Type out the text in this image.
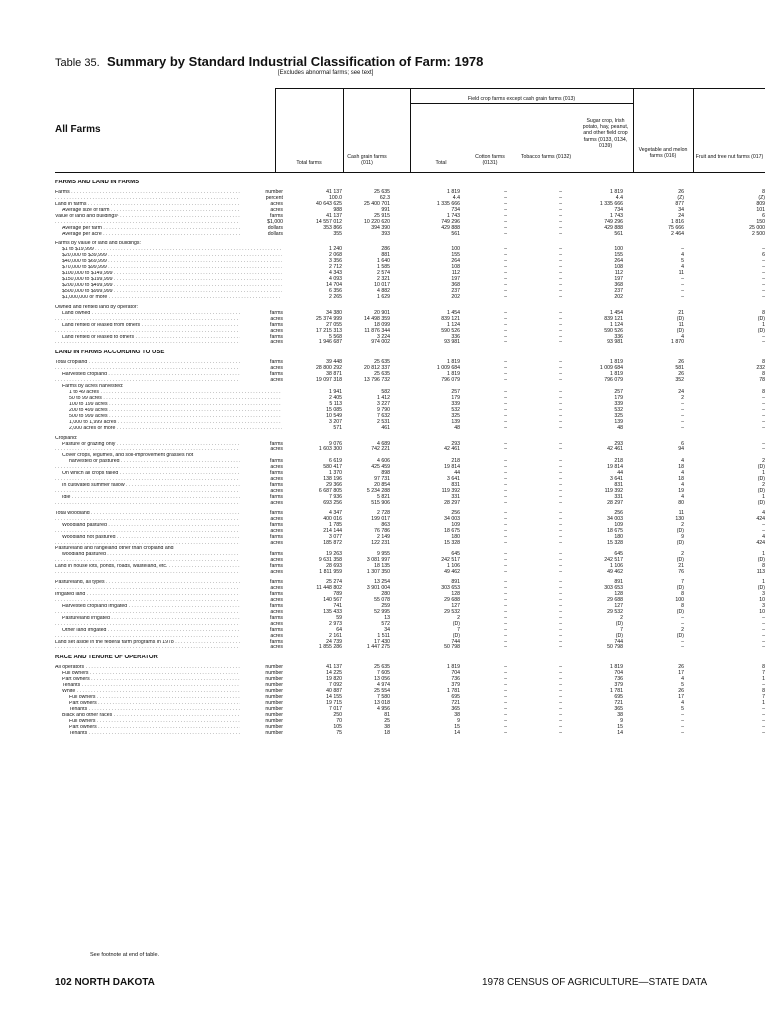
Table 35. Summary by Standard Industrial Classification of Farm: 1978
[Excludes abnormal farms; see text]
Field crop farms except cash grain farms (013)
All Farms
Total farms
Cash grain farms (011)	Total
Cotton farms (0131)
Tobacco farms (0132)
Sugar crop, Irish potato, hay, peanut, and other field crop farms (0133, 0134, 0139)
Vegetable and melon farms (016)	Fruit and tree nut farms (017)
FARMS AND LAND IN FARMS
Farms . . .	number	41 137	25 635	1 819	–	–	1 819	26	8
. . .
percent	100.0	62.3	4.4	–	–	4.4	(Z)	(Z)
Land in farms . . .	acres	40 643 625	25 400 701	1 335 666	–	–	1 335 666	877	809
Average size of farm . . .	acres	988	991	734	–	–	734	34	101
Value of land and buildings¹ . . .	farms	41 137	25 915	1 743	–	–	1 743	24	6
. . .
$1,000	14 557 012	10 220 620	749 296	–	–	749 296	1 816	150
Average per farm . . .	dollars	353 866	394 390	429 888	–	–	429 888	75 666	25 000
Average per acre . . .	dollars	355	393	561	–	–	561	2 464	2 500
Farms by value of land and buildings:
$1 to $19,999 . . .	1 240	286	100	–	–	100	–	–
$20,000 to $39,999 . . .	2 068	881	155	–	–	155	4	6
$40,000 to $69,999 . . .	3 356	1 640	264	–	–	264	5	–
$70,000 to $99,999 . . .	2 712	1 585	108	–	–	108	4	–
$100,000 to $149,999 . . .	4 343	2 574	112	–	–	112	11	–
$150,000 to $199,999 . . .	4 093	2 321	197	–	–	197	–	–
$200,000 to $499,999 . . .	14 704	10 017	368	–	–	368	–	–
$500,000 to $999,999 . . .	6 356	4 882	237	–	–	237	–	–
$1,000,000 or more . . .	2 265	1 629	202	–	–	202	–	–
Owned and rented land by operator:
Land owned . . .	farms	34 380	20 901	1 454	–	–	1 454	21	8
. . .
acres	25 374 999	14 498 359	839 121	–	–	839 121	(D)	(D)
Land rented or leased from others . . .	farms	27 055	18 099	1 124	–	–	1 124	11	1
. . .
acres	17 215 313	11 876 344	590 526	–	–	590 526	(D)	(D)
Land rented or leased to others . . .	farms	5 568	3 224	336	–	–	336	4	–
. . .
acres	1 946 687	974 002	93 981	–	–	93 981	1 870	–
LAND IN FARMS ACCORDING TO USE
Total cropland . . .	farms	39 448	25 635	1 819	–	–	1 819	26	8
. . .
acres	28 800 292	20 812 337	1 009 684	–	–	1 009 684	581	232
Harvested cropland . . .	farms	38 871	25 635	1 819	–	–	1 819	26	8
. . .
acres	19 097 318	13 796 732	796 079	–	–	796 079	352	78
Farms by acres harvested:
1 to 49 acres . . .	1 941	582	257	–	–	257	24	8
50 to 99 acres . . .	2 405	1 412	179	–	–	179	2	–
100 to 199 acres . . .	5 113	3 227	339	–	–	339	–	–
200 to 499 acres . . .	15 085	9 790	532	–	–	532	–	–
500 to 999 acres . . .	10 549	7 632	325	–	–	325	–	–
1,000 to 1,999 acres . . .	3 207	2 531	139	–	–	139	–	–
2,000 acres or more . . .	571	461	48	–	–	48	–	–
Cropland:
Pasture or grazing only . . .	farms	9 076	4 689	293	–	–	293	6	–
. . .
acres	1 603 300	742 221	42 461	–	–	42 461	94	–
Cover crops, legumes, and soil-improvement grasses not
harvested or pastured . . .	farms	6 619	4 606	218	–	–	218	4	2
. . .
acres	580 417	425 459	19 814	–	–	19 814	18	(D)
On which all crops failed . . .	farms	1 370	898	44	–	–	44	4	1
. . .
acres	138 196	97 731	3 641	–	–	3 641	18	(D)
In cultivated summer fallow . . .	farms	29 366	20 854	831	–	–	831	4	2
. . .
acres	6 687 805	5 234 288	119 392	–	–	119 392	19	(D)
Idle . . .	farms	7 936	5 821	331	–	–	331	4	1
. . .
acres	693 256	515 906	28 297	–	–	28 297	80	(D)
Total woodland . . .	farms	4 347	2 728	256	–	–	256	11	4
. . .
acres	400 016	199 017	34 003	–	–	34 003	130	424
Woodland pastured . . .	farms	1 785	863	109	–	–	109	2	–
. . .
acres	214 144	76 786	18 675	–	–	18 675	(D)	–
Woodland not pastured . . .	farms	3 077	2 149	180	–	–	180	9	4
. . .
acres	185 872	122 231	15 328	–	–	15 328	(D)	424
Pastureland and rangeland other than cropland and
woodland pastured . . .	farms	19 263	9 955	645	–	–	645	2	1
. . .
acres	9 631 358	3 081 997	242 517	–	–	242 517	(D)	(D)
Land in house lots, ponds, roads, wasteland, etc. . . .	farms	28 693	18 135	1 106	–	–	1 106	21	8
. . .
acres	1 811 959	1 307 350	49 462	–	–	49 462	76	113
Pastureland, all types . . .	farms	25 274	13 254	891	–	–	891	7	1
. . .
acres	11 448 802	3 901 004	303 653	–	–	303 653	(D)	(D)
Irrigated land . . .	farms	789	280	128	–	–	128	8	3
. . .
acres	140 567	55 078	29 688	–	–	29 688	100	10
Harvested cropland irrigated . . .	farms	741	259	127	–	–	127	8	3
. . .
acres	135 433	52 995	29 532	–	–	29 532	(D)	10
Pastureland irrigated . . .	farms	59	13	2	–	–	2	–	–
. . .
acres	2 973	572	(D)	–	–	(D)	–	–
Other land irrigated . . .	farms	64	34	7	–	–	7	2	–
. . .
acres	2 161	1 511	(D)	–	–	(D)	(D)	–
Land set aside in the federal farm programs in 1978 . . .	farms	24 739	17 430	744	–	–	744	–	–
. . .
acres	1 855 286	1 447 275	50 798	–	–	50 798	–	–
RACE AND TENURE OF OPERATOR
All operators . . .	number	41 137	25 635	1 819	–	–	1 819	26	8
Full owners . . .	number	14 225	7 605	704	–	–	704	17	7
Part owners . . .	number	19 820	13 056	736	–	–	736	4	1
Tenants . . .	number	7 092	4 974	379	–	–	379	5	–
White . . .	number	40 887	25 554	1 781	–	–	1 781	26	8
Full owners . . .	number	14 155	7 580	695	–	–	695	17	7
Part owners . . .	number	19 715	13 018	721	–	–	721	4	1
Tenants . . .	number	7 017	4 956	365	–	–	365	5	–
Black and other races . . .	number	250	81	38	–	–	38	–	–
Full owners . . .	number	70	25	9	–	–	9	–	–
Part owners . . .	number	105	38	15	–	–	15	–	–
Tenants . . .	number	75	18	14	–	–	14	–	–
See footnote at end of table.
102 NORTH DAKOTA	1978 CENSUS OF AGRICULTURE—STATE DATA
